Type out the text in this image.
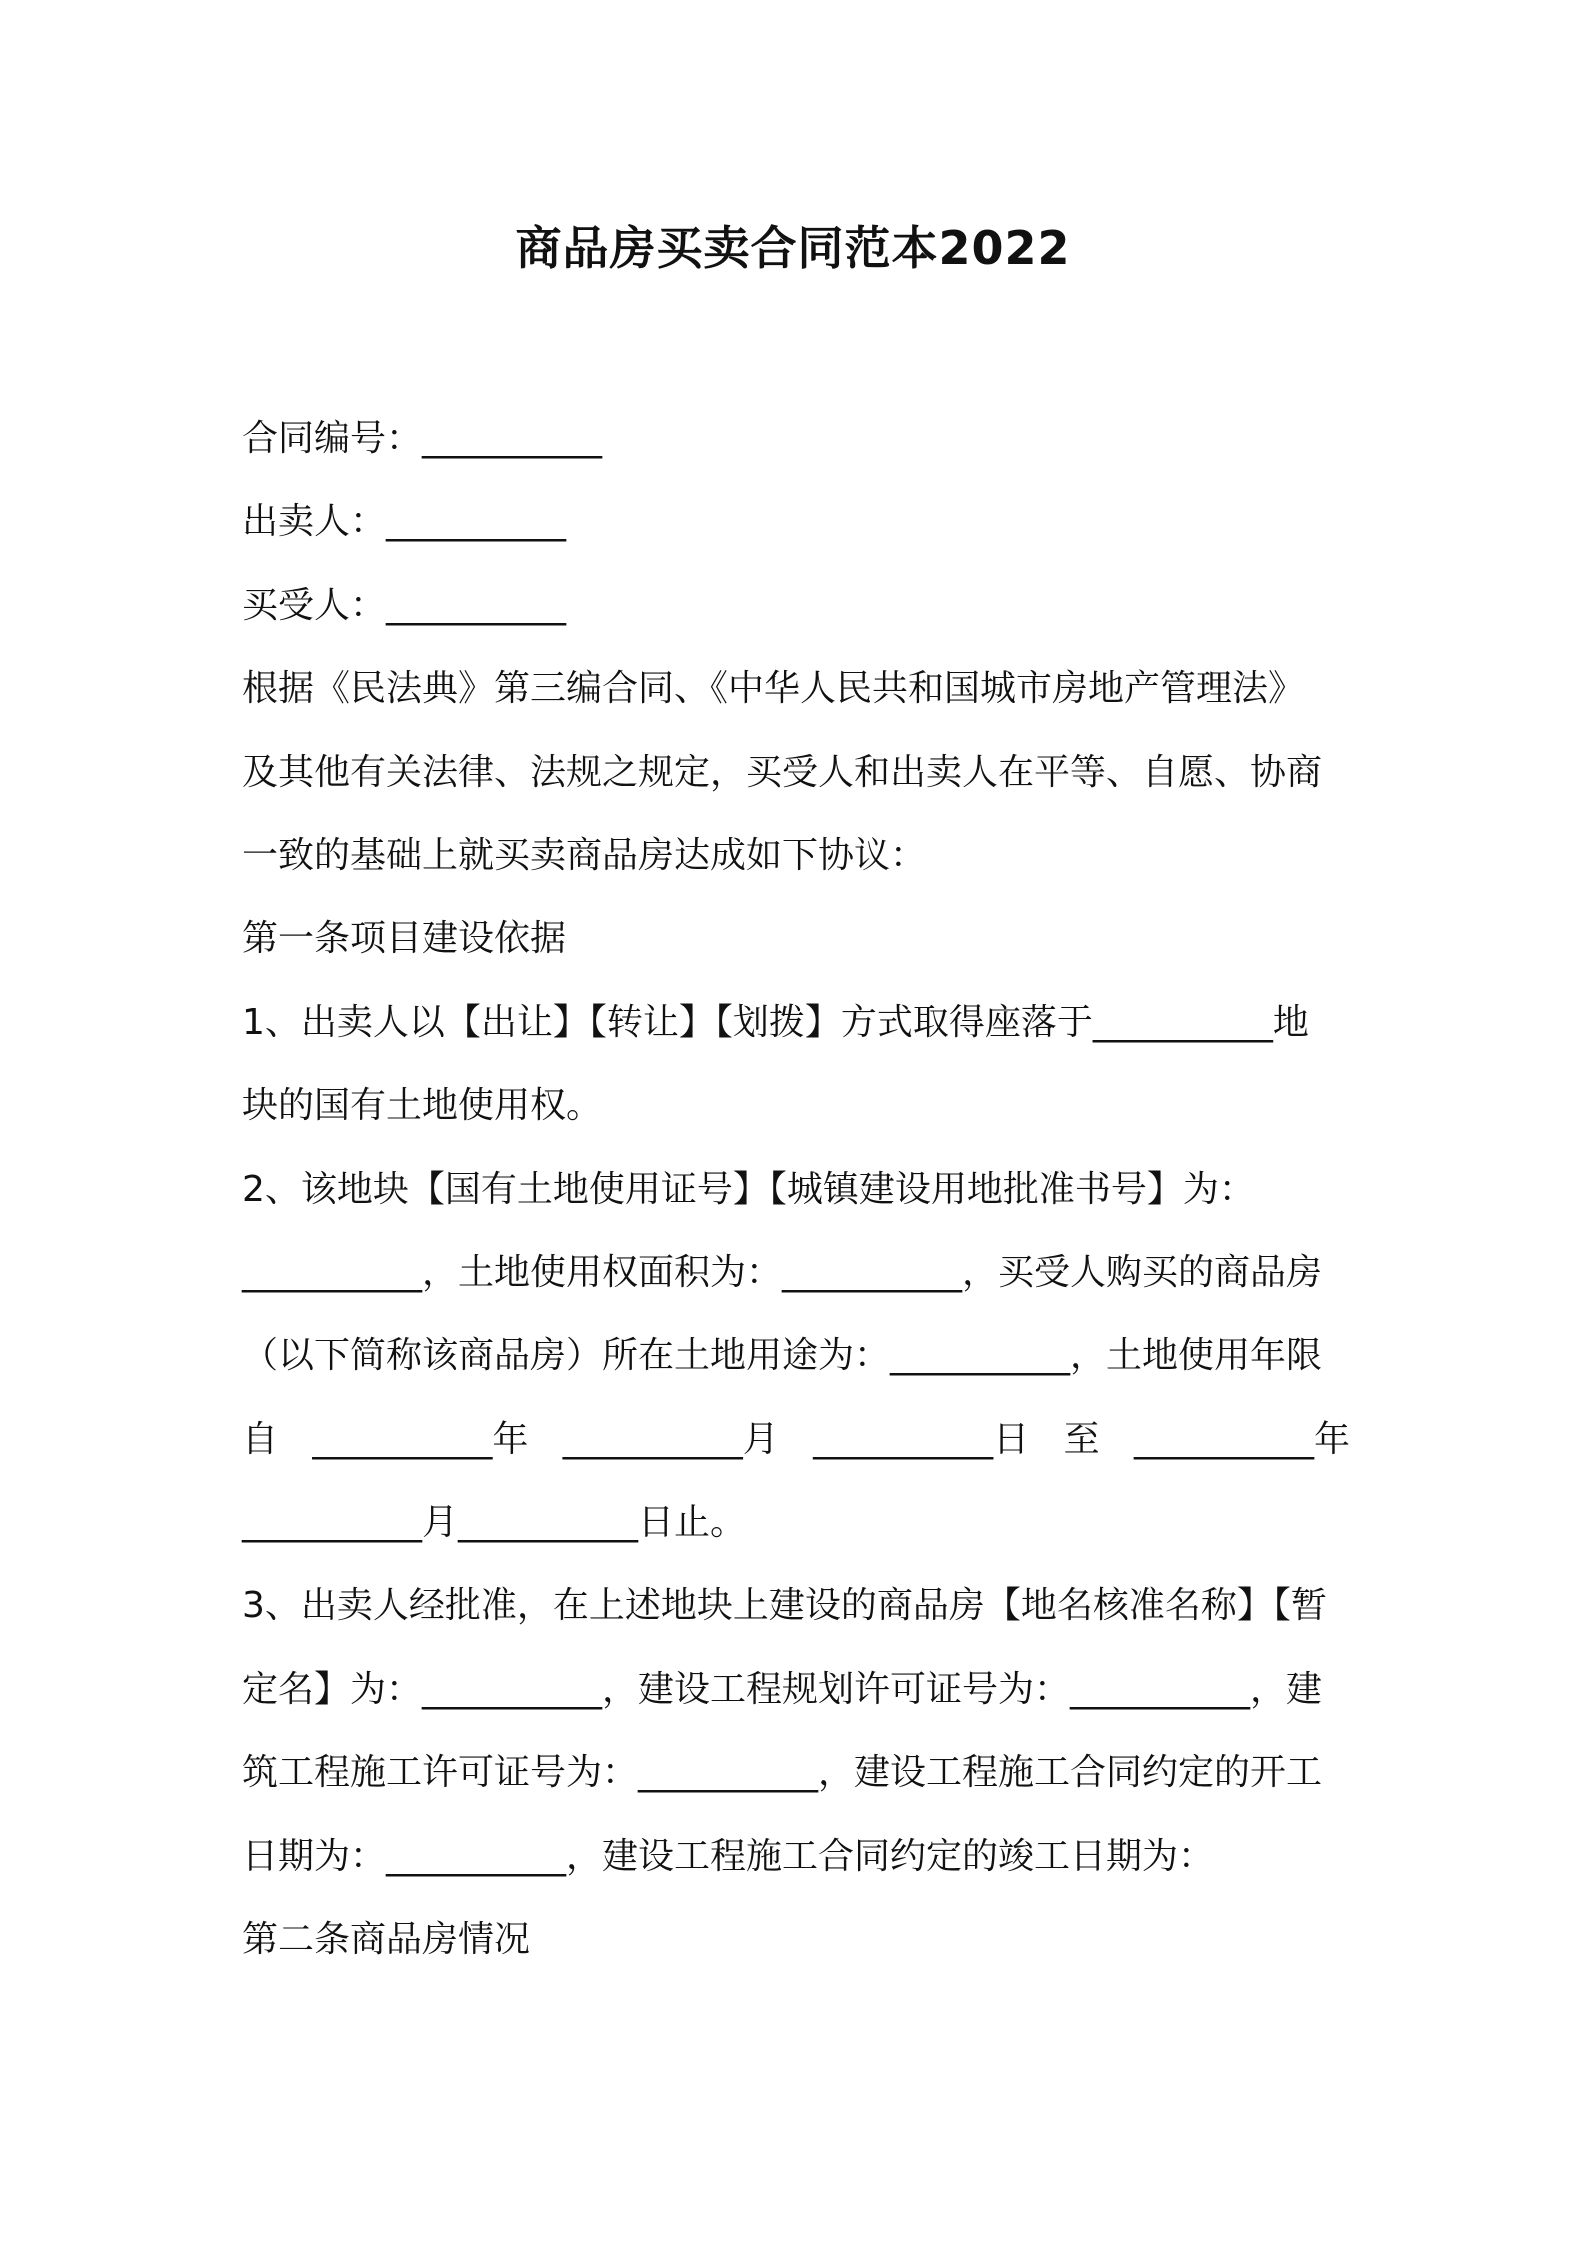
商品房买卖合同范本2022
合同编号：__________
出卖人：__________
买受人：__________
根据《民法典》第三编合同、《中华人民共和国城市房地产管理法》
及其他有关法律、法规之规定，买受人和出卖人在平等、自愿、协商
一致的基础上就买卖商品房达成如下协议：
第一条项目建设依据
1、出卖人以【出让】【转让】【划拨】方式取得座落于__________地
块的国有土地使用权。
2、该地块【国有土地使用证号】【城镇建设用地批准书号】为：
__________，土地使用权面积为：__________，买受人购买的商品房
（以下简称该商品房）所在土地用途为：__________，土地使用年限
自 __________年 __________月 __________日 至 __________年
__________月__________日止。
3、出卖人经批准，在上述地块上建设的商品房【地名核准名称】【暂
定名】为：__________，建设工程规划许可证号为：__________，建
筑工程施工许可证号为：__________，建设工程施工合同约定的开工
日期为：__________，建设工程施工合同约定的竣工日期为：
第二条商品房情况
